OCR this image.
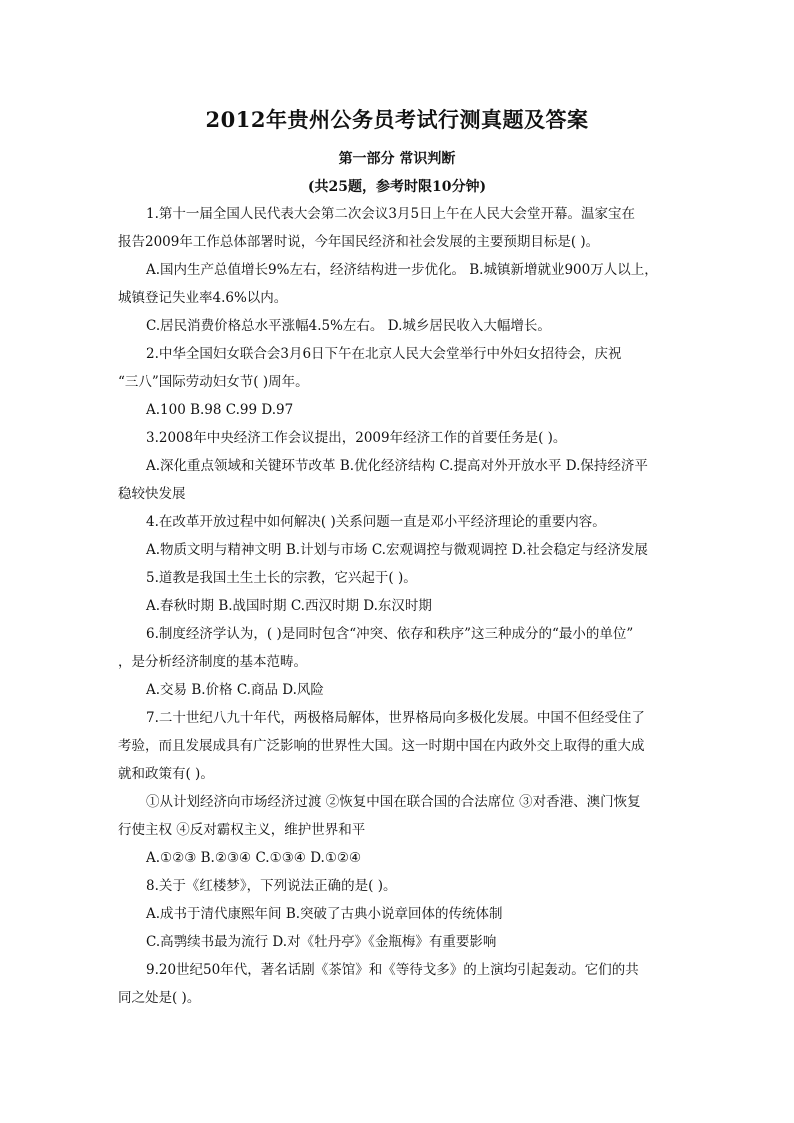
2012年贵州公务员考试行测真题及答案
第一部分 常识判断
(共25题，参考时限10分钟)
1.第十一届全国人民代表大会第二次会议3月5日上午在人民大会堂开幕。温家宝在
报告2009年工作总体部署时说，今年国民经济和社会发展的主要预期目标是( )。
A.国内生产总值增长9%左右，经济结构进一步优化。 B.城镇新增就业900万人以上，
城镇登记失业率4.6%以内。
C.居民消费价格总水平涨幅4.5%左右。 D.城乡居民收入大幅增长。
2.中华全国妇女联合会3月6日下午在北京人民大会堂举行中外妇女招待会，庆祝
“三八”国际劳动妇女节( )周年。
A.100 B.98 C.99 D.97
3.2008年中央经济工作会议提出，2009年经济工作的首要任务是( )。
A.深化重点领域和关键环节改革 B.优化经济结构 C.提高对外开放水平 D.保持经济平
稳较快发展
4.在改革开放过程中如何解决( )关系问题一直是邓小平经济理论的重要内容。
A.物质文明与精神文明 B.计划与市场 C.宏观调控与微观调控 D.社会稳定与经济发展
5.道教是我国土生土长的宗教，它兴起于( )。
A.春秋时期 B.战国时期 C.西汉时期 D.东汉时期
6.制度经济学认为，( )是同时包含“冲突、依存和秩序”这三种成分的“最小的单位”
，是分析经济制度的基本范畴。
A.交易 B.价格 C.商品 D.风险
7.二十世纪八九十年代，两极格局解体，世界格局向多极化发展。中国不但经受住了
考验，而且发展成具有广泛影响的世界性大国。这一时期中国在内政外交上取得的重大成
就和政策有( )。
①从计划经济向市场经济过渡 ②恢复中国在联合国的合法席位 ③对香港、澳门恢复
行使主权 ④反对霸权主义，维护世界和平
A.①②③ B.②③④ C.①③④ D.①②④
8.关于《红楼梦》，下列说法正确的是( )。
A.成书于清代康熙年间 B.突破了古典小说章回体的传统体制
C.高鹗续书最为流行 D.对《牡丹亭》《金瓶梅》有重要影响
9.20世纪50年代，著名话剧《茶馆》和《等待戈多》的上演均引起轰动。它们的共
同之处是( )。
